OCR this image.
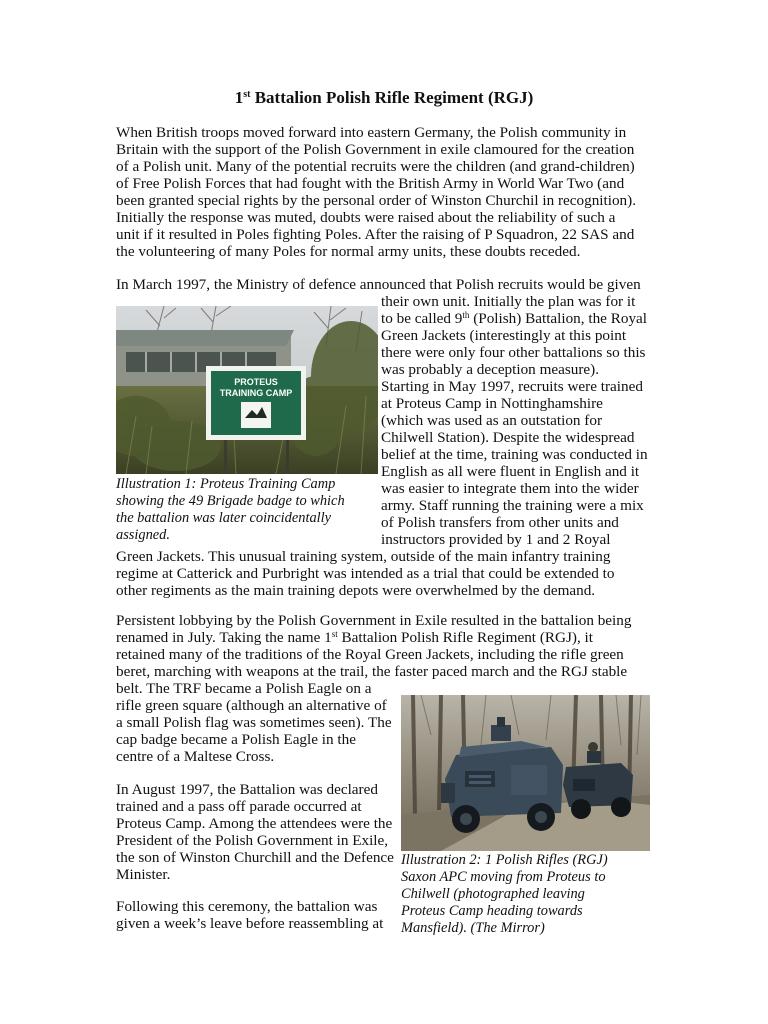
1st Battalion Polish Rifle Regiment (RGJ)

When British troops moved forward into eastern Germany, the Polish community in

Britain with the support of the Polish Government in exile clamoured for the creation

of a Polish unit. Many of the potential recruits were the children (and grand-children)

of Free Polish Forces that had fought with the British Army in World War Two (and

been granted special rights by the personal order of Winston Churchil in recognition).

Initially the response was muted, doubts were raised about the reliability of such a

unit if it resulted in Poles fighting Poles. After the raising of P Squadron, 22 SAS and

the volunteering of many Poles for normal army units, these doubts receded.

In March 1997, the Ministry of defence announced that Polish recruits would be given

their own unit. Initially the plan was for it

to be called 9th (Polish) Battalion, the Royal

Green Jackets (interestingly at this point

there were only four other battalions so this

was probably a deception measure).

Starting in May 1997, recruits were trained

at Proteus Camp in Nottinghamshire

(which was used as an outstation for

Chilwell Station). Despite the widespread

belief at the time, training was conducted in

English as all were fluent in English and it

was easier to integrate them into the wider

army. Staff running the training were a mix

of Polish transfers from other units and

instructors provided by 1 and 2 Royal

Green Jackets. This unusual training system, outside of the main infantry training

regime at Catterick and Purbright was intended as a trial that could be extended to

other regiments as the main training depots were overwhelmed by the demand.

PROTEUS
TRAINING CAMP

Illustration 1: Proteus Training Camp

showing the 49 Brigade badge to which

the battalion was later coincidentally

assigned.

Persistent lobbying by the Polish Government in Exile resulted in the battalion being

renamed in July. Taking the name 1st Battalion Polish Rifle Regiment (RGJ), it

retained many of the traditions of the Royal Green Jackets, including the rifle green

beret, marching with weapons at the trail, the faster paced march and the RGJ stable

belt. The TRF became a Polish Eagle on a

rifle green square (although an alternative of

a small Polish flag was sometimes seen). The

cap badge became a Polish Eagle in the

centre of a Maltese Cross.

In August 1997, the Battalion was declared

trained and a pass off parade occurred at

Proteus Camp. Among the attendees were the

President of the Polish Government in Exile,

the son of Winston Churchill and the Defence

Minister.

Following this ceremony, the battalion was

given a week’s leave before reassembling at

Illustration 2: 1 Polish Rifles (RGJ)

Saxon APC moving from Proteus to

Chilwell (photographed leaving

Proteus Camp heading towards

Mansfield). (The Mirror)
